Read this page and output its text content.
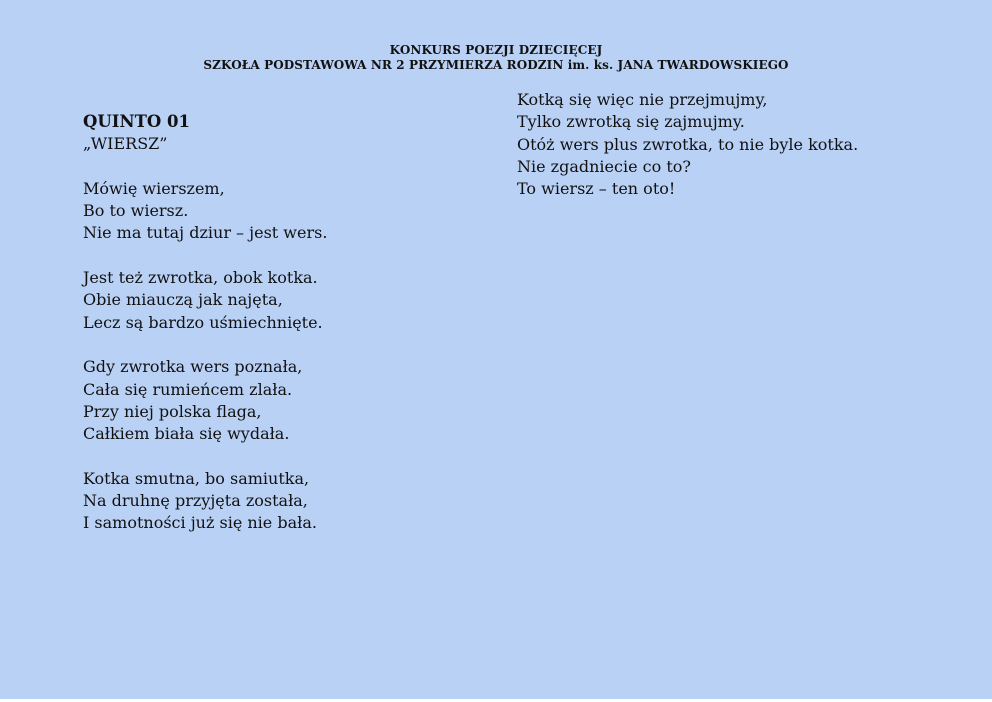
KONKURS POEZJI DZIECIĘCEJ
SZKOŁA PODSTAWOWA NR 2 PRZYMIERZA RODZIN im. ks. JANA TWARDOWSKIEGO
QUINTO 01
„WIERSZ”
Mówię wierszem,
Bo to wiersz.
Nie ma tutaj dziur – jest wers.
Jest też zwrotka, obok kotka.
Obie miauczą jak najęta,
Lecz są bardzo uśmiechnięte.
Gdy zwrotka wers poznała,
Cała się rumieńcem zlała.
Przy niej polska flaga,
Całkiem biała się wydała.
Kotka smutna, bo samiutka,
Na druhnę przyjęta została,
I samotności już się nie bała.
Kotką się więc nie przejmujmy,
Tylko zwrotką się zajmujmy.
Otóż wers plus zwrotka, to nie byle kotka.
Nie zgadniecie co to?
To wiersz – ten oto!
